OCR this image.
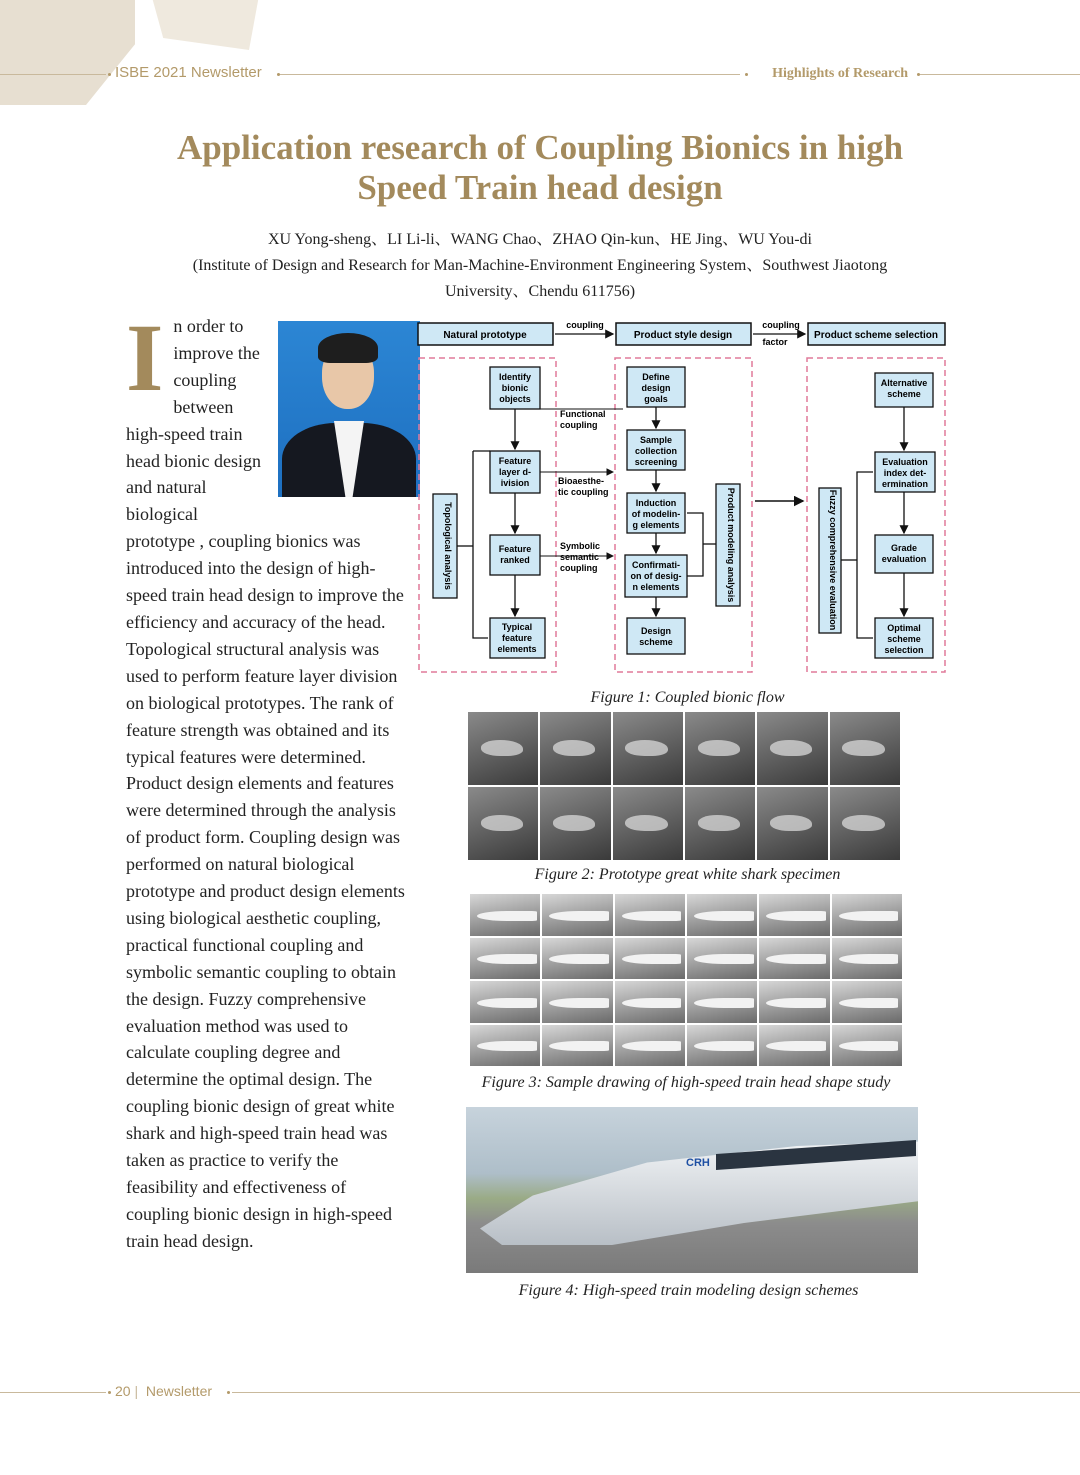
ISBE 2021 Newsletter	Highlights of Research
Application research of Coupling Bionics in high Speed Train head design
XU Yong-sheng、LI Li-li、WANG Chao、ZHAO Qin-kun、HE Jing、WU You-di
(Institute of Design and Research for Man-Machine-Environment Engineering System、Southwest Jiaotong University、Chendu 611756)
I n order to improve the coupling between high-speed train head bionic design and natural biological prototype , coupling bionics was introduced into the design of high-speed train head design to improve the efficiency and accuracy of the head. Topological structural analysis was used to perform feature layer division on biological prototypes. The rank of feature strength was obtained and its typical features were determined. Product design elements and features were determined through the analysis of product form. Coupling design was performed on natural biological prototype and product design elements using biological aesthetic coupling, practical functional coupling and symbolic semantic coupling to obtain the design. Fuzzy comprehensive evaluation method was used to calculate coupling degree and determine the optimal design. The coupling bionic design of great white shark and high-speed train head was taken as practice to verify the feasibility and effectiveness of coupling bionic design in high-speed train head design.
Natural prototype
coupling
Product style design
coupling
factor
Product scheme selection
Identify
bionic
objects
Feature
layer d-
ivision
Feature
ranked
Typical
feature
elements
Topological analysis
Functional
coupling
Bioaesthe-
tic coupling
Symbolic
semantic
coupling
Define
design
goals
Sample
collection
screening
Induction
of modelin-
g elements
Confirmati-
on of desig-
n elements
Design
scheme
Product modeling analysis
Alternative
scheme
Evaluation
index det-
ermination
Grade
evaluation
Optimal
scheme
selection
Fuzzy comprehensive evaluation
Figure 1: Coupled bionic flow
Figure 2: Prototype great white shark specimen
Figure 3: Sample drawing of high-speed train head shape study
CRH
Figure 4: High-speed train modeling design schemes
20 |  Newsletter
